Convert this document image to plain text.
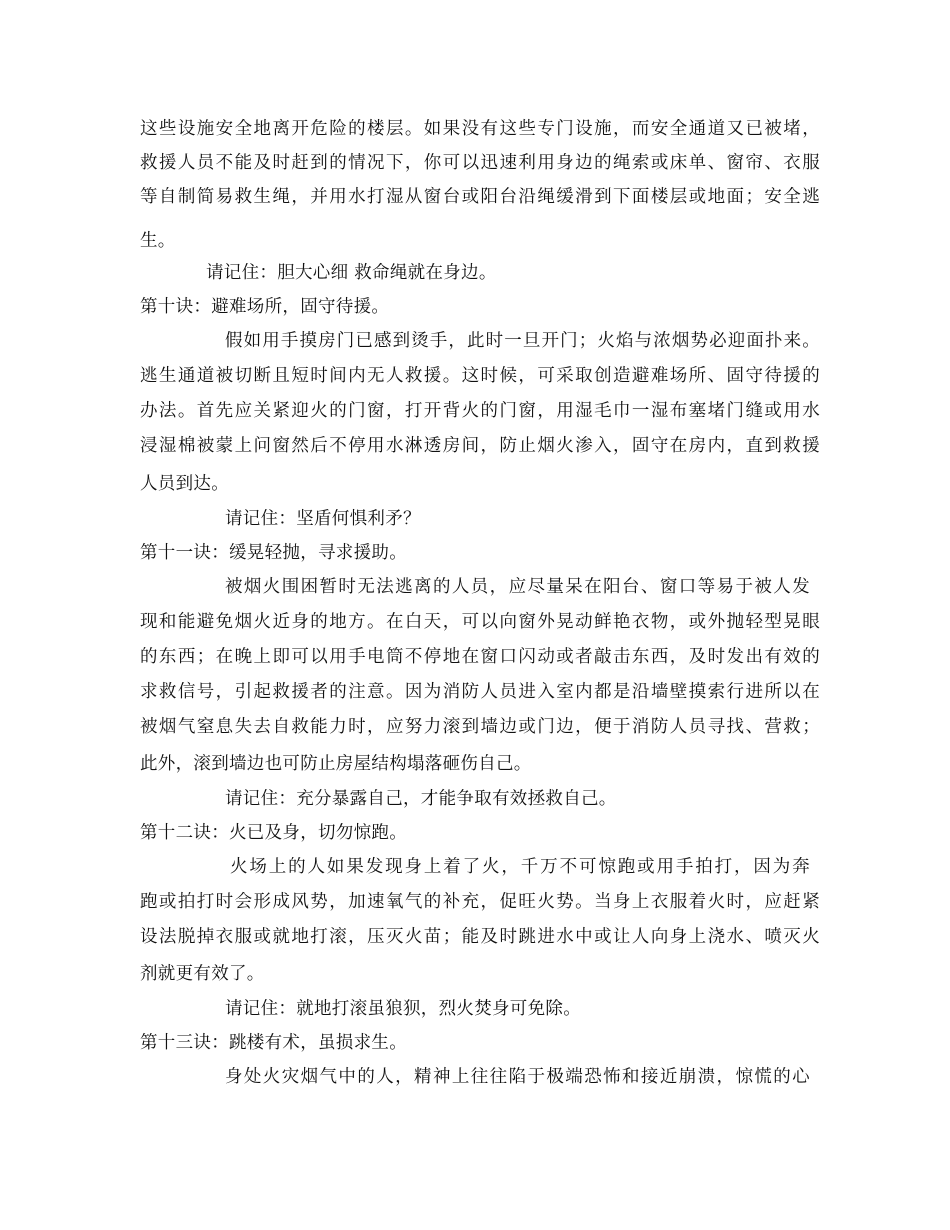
这些设施安全地离开危险的楼层。如果没有这些专门设施，而安全通道又已被堵，
救援人员不能及时赶到的情况下，你可以迅速利用身边的绳索或床单、窗帘、衣服
等自制简易救生绳，并用水打湿从窗台或阳台沿绳缓滑到下面楼层或地面；安全逃
生。
请记住：胆大心细 救命绳就在身边。
第十诀：避难场所，固守待援。
假如用手摸房门已感到烫手，此时一旦开门；火焰与浓烟势必迎面扑来。
逃生通道被切断且短时间内无人救援。这时候，可采取创造避难场所、固守待援的
办法。首先应关紧迎火的门窗，打开背火的门窗，用湿毛巾一湿布塞堵门缝或用水
浸湿棉被蒙上问窗然后不停用水淋透房间，防止烟火渗入，固守在房内，直到救援
人员到达。
请记住：坚盾何惧利矛？
第十一诀：缓晃轻抛，寻求援助。
被烟火围困暂时无法逃离的人员，应尽量呆在阳台、窗口等易于被人发
现和能避免烟火近身的地方。在白天，可以向窗外晃动鲜艳衣物，或外抛轻型晃眼
的东西；在晚上即可以用手电筒不停地在窗口闪动或者敲击东西，及时发出有效的
求救信号，引起救援者的注意。因为消防人员进入室内都是沿墙壁摸索行进所以在
被烟气窒息失去自救能力时，应努力滚到墙边或门边，便于消防人员寻找、营救；
此外，滚到墙边也可防止房屋结构塌落砸伤自己。
请记住：充分暴露自己，才能争取有效拯救自己。
第十二诀：火已及身，切勿惊跑。
火场上的人如果发现身上着了火，千万不可惊跑或用手拍打，因为奔
跑或拍打时会形成风势，加速氧气的补充，促旺火势。当身上衣服着火时，应赶紧
设法脱掉衣服或就地打滚，压灭火苗；能及时跳进水中或让人向身上浇水、喷灭火
剂就更有效了。
请记住：就地打滚虽狼狈，烈火焚身可免除。
第十三诀：跳楼有术，虽损求生。
身处火灾烟气中的人，精神上往往陷于极端恐怖和接近崩溃，惊慌的心
